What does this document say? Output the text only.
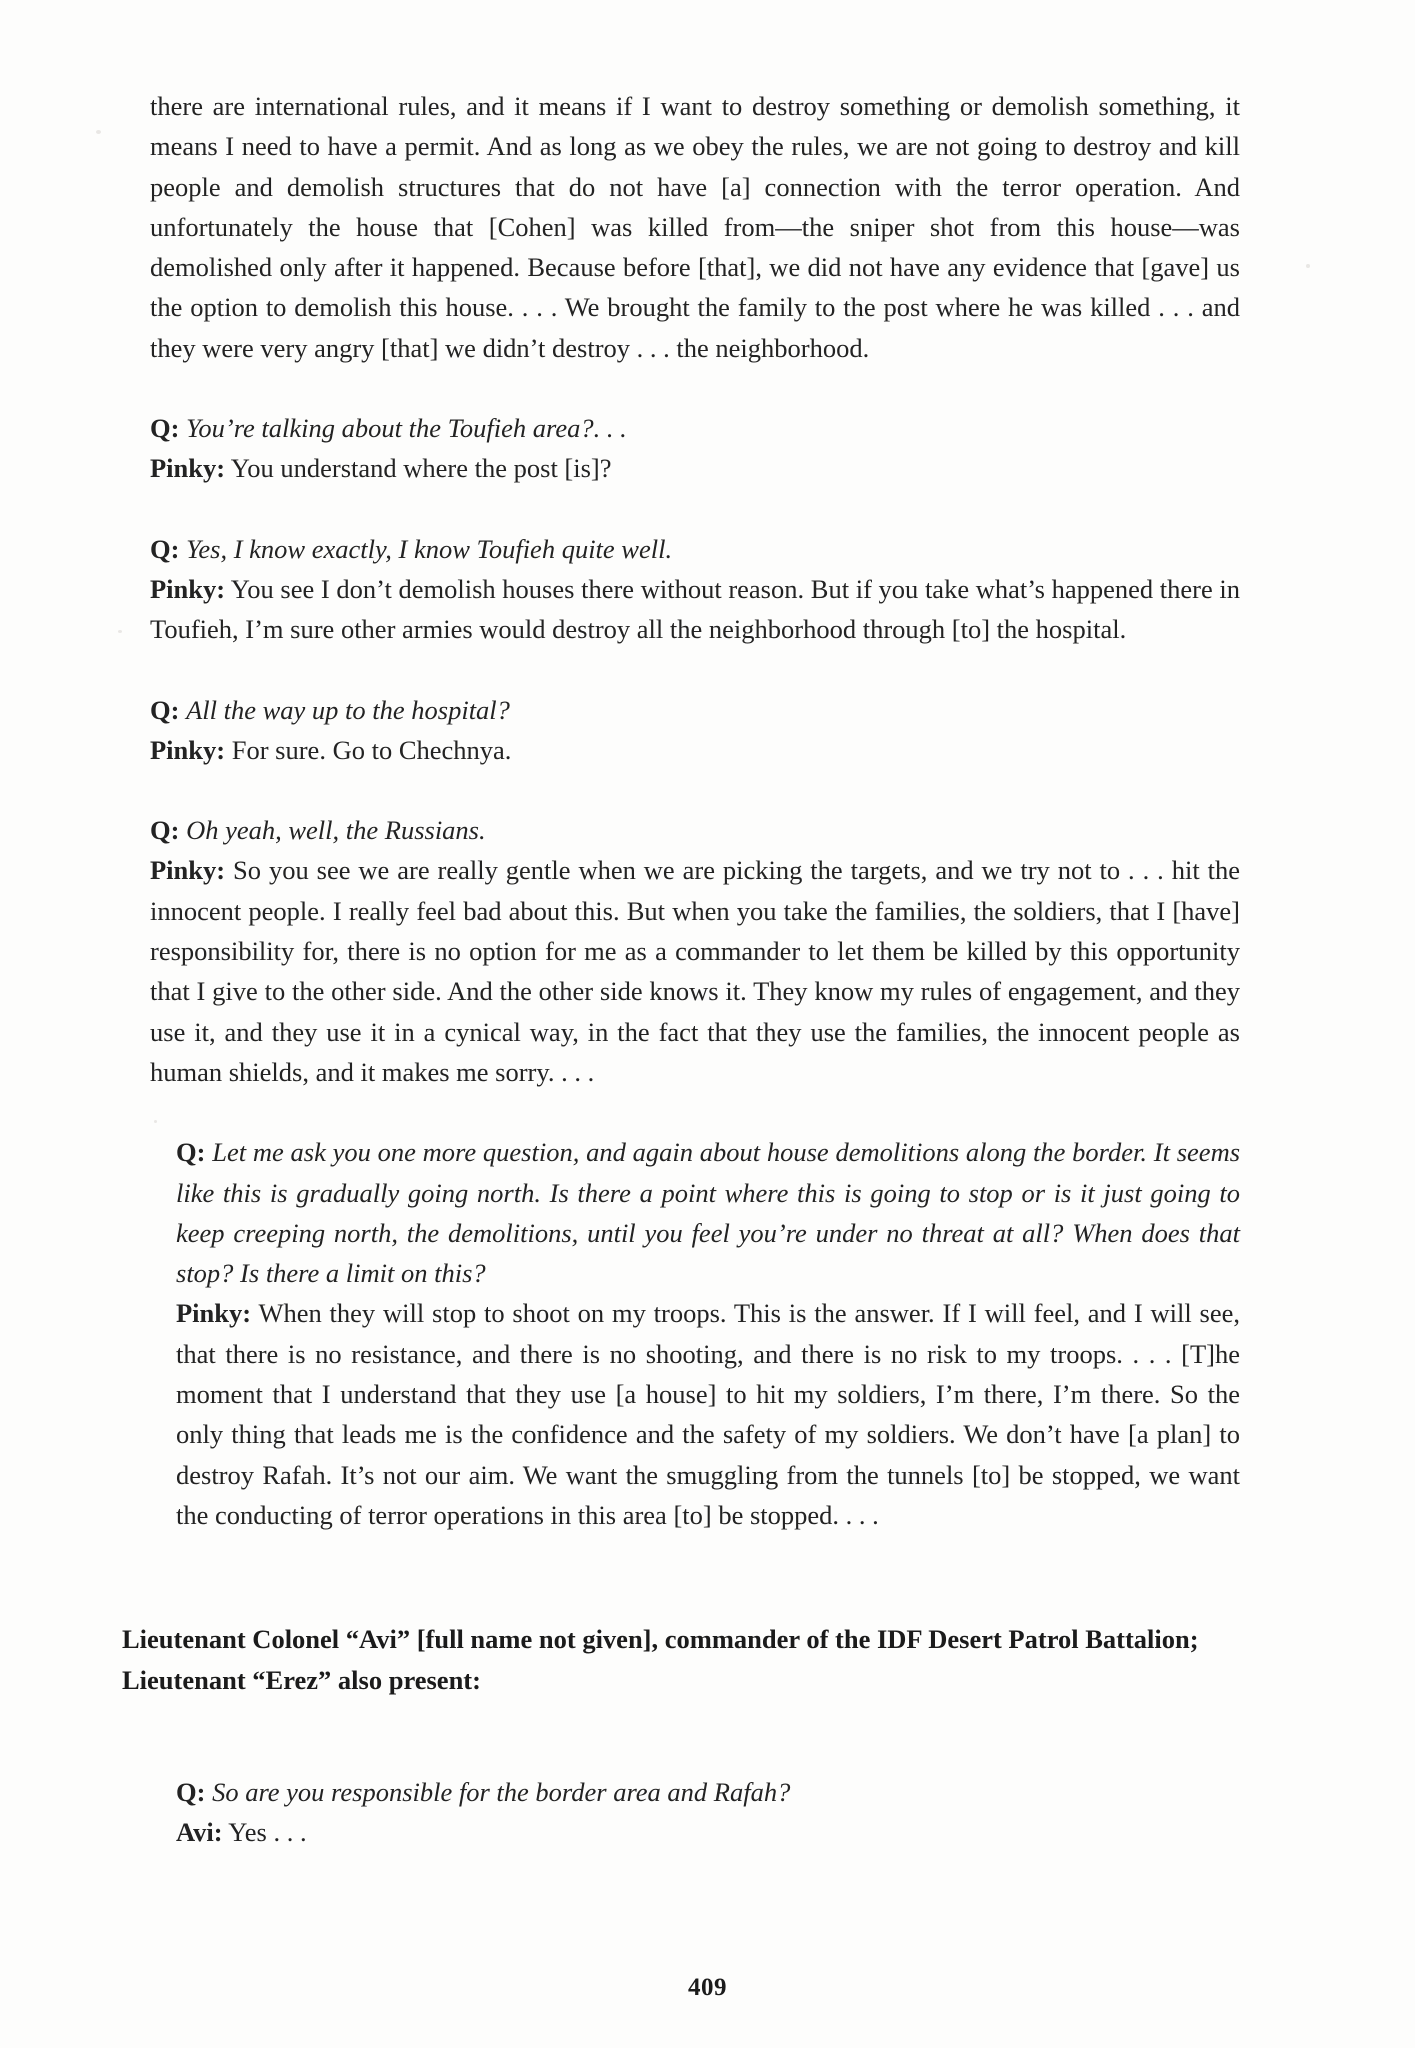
there are international rules, and it means if I want to destroy something or demolish something, it means I need to have a permit. And as long as we obey the rules, we are not going to destroy and kill people and demolish structures that do not have [a] connection with the terror operation. And unfortunately the house that [Cohen] was killed from—the sniper shot from this house—was demolished only after it happened. Because before [that], we did not have any evidence that [gave] us the option to demolish this house. . . . We brought the family to the post where he was killed . . . and they were very angry [that] we didn’t destroy . . . the neighborhood.

Q: You’re talking about the Toufieh area?. . .

Pinky: You understand where the post [is]?

Q: Yes, I know exactly, I know Toufieh quite well.

Pinky: You see I don’t demolish houses there without reason. But if you take what’s happened there in Toufieh, I’m sure other armies would destroy all the neighborhood through [to] the hospital.

Q: All the way up to the hospital?

Pinky: For sure. Go to Chechnya.

Q: Oh yeah, well, the Russians.

Pinky: So you see we are really gentle when we are picking the targets, and we try not to . . . hit the innocent people. I really feel bad about this. But when you take the families, the soldiers, that I [have] responsibility for, there is no option for me as a commander to let them be killed by this opportunity that I give to the other side. And the other side knows it. They know my rules of engagement, and they use it, and they use it in a cynical way, in the fact that they use the families, the innocent people as human shields, and it makes me sorry. . . .

Q: Let me ask you one more question, and again about house demolitions along the border. It seems like this is gradually going north. Is there a point where this is going to stop or is it just going to keep creeping north, the demolitions, until you feel you’re under no threat at all? When does that stop? Is there a limit on this?

Pinky: When they will stop to shoot on my troops. This is the answer. If I will feel, and I will see, that there is no resistance, and there is no shooting, and there is no risk to my troops. . . . [T]he moment that I understand that they use [a house] to hit my soldiers, I’m there, I’m there. So the only thing that leads me is the confidence and the safety of my soldiers. We don’t have [a plan] to destroy Rafah. It’s not our aim. We want the smuggling from the tunnels [to] be stopped, we want the conducting of terror operations in this area [to] be stopped. . . .

Lieutenant Colonel “Avi” [full name not given], commander of the IDF Desert Patrol Battalion; Lieutenant “Erez” also present:

Q: So are you responsible for the border area and Rafah?

Avi: Yes . . .

409
